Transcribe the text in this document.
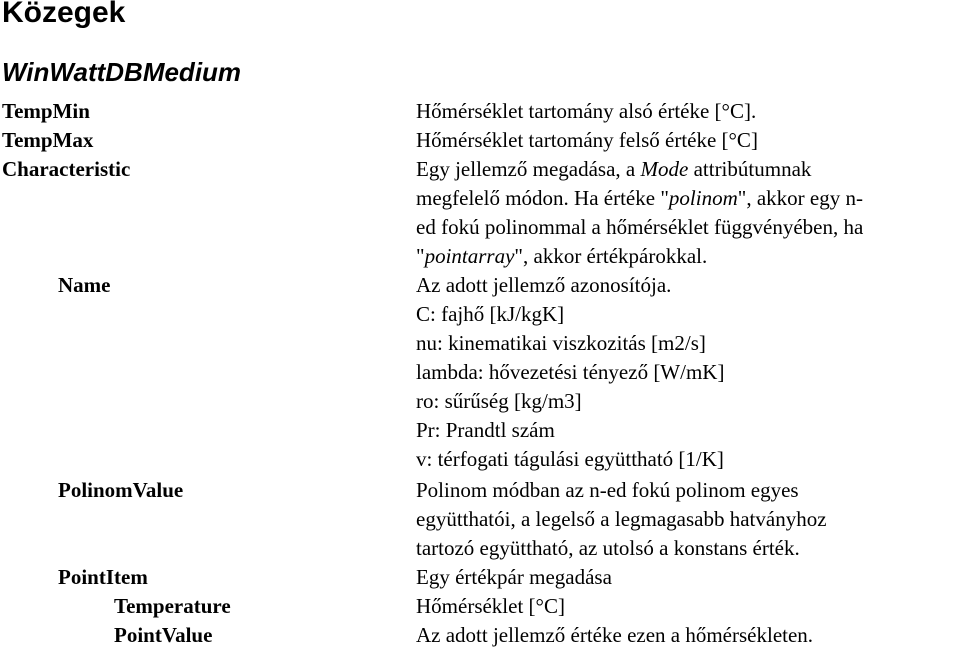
Közegek
WinWattDBMedium
TempMin
TempMax
Characteristic
Name
PolinomValue
PointItem
Temperature
PointValue
Hőmérséklet tartomány alsó értéke [°C].
Hőmérséklet tartomány felső értéke [°C]
Egy jellemző megadása, a Mode attribútumnak
megfelelő módon. Ha értéke "polinom", akkor egy n-
ed fokú polinommal a hőmérséklet függvényében, ha
"pointarray", akkor értékpárokkal.
Az adott jellemző azonosítója.
C: fajhő [kJ/kgK]
nu: kinematikai viszkozitás [m2/s]
lambda: hővezetési tényező [W/mK]
ro: sűrűség [kg/m3]
Pr: Prandtl szám
v: térfogati tágulási együttható [1/K]
Polinom módban az n-ed fokú polinom egyes
együtthatói, a legelső a legmagasabb hatványhoz
tartozó együttható, az utolsó a konstans érték.
Egy értékpár megadása
Hőmérséklet [°C]
Az adott jellemző értéke ezen a hőmérsékleten.
